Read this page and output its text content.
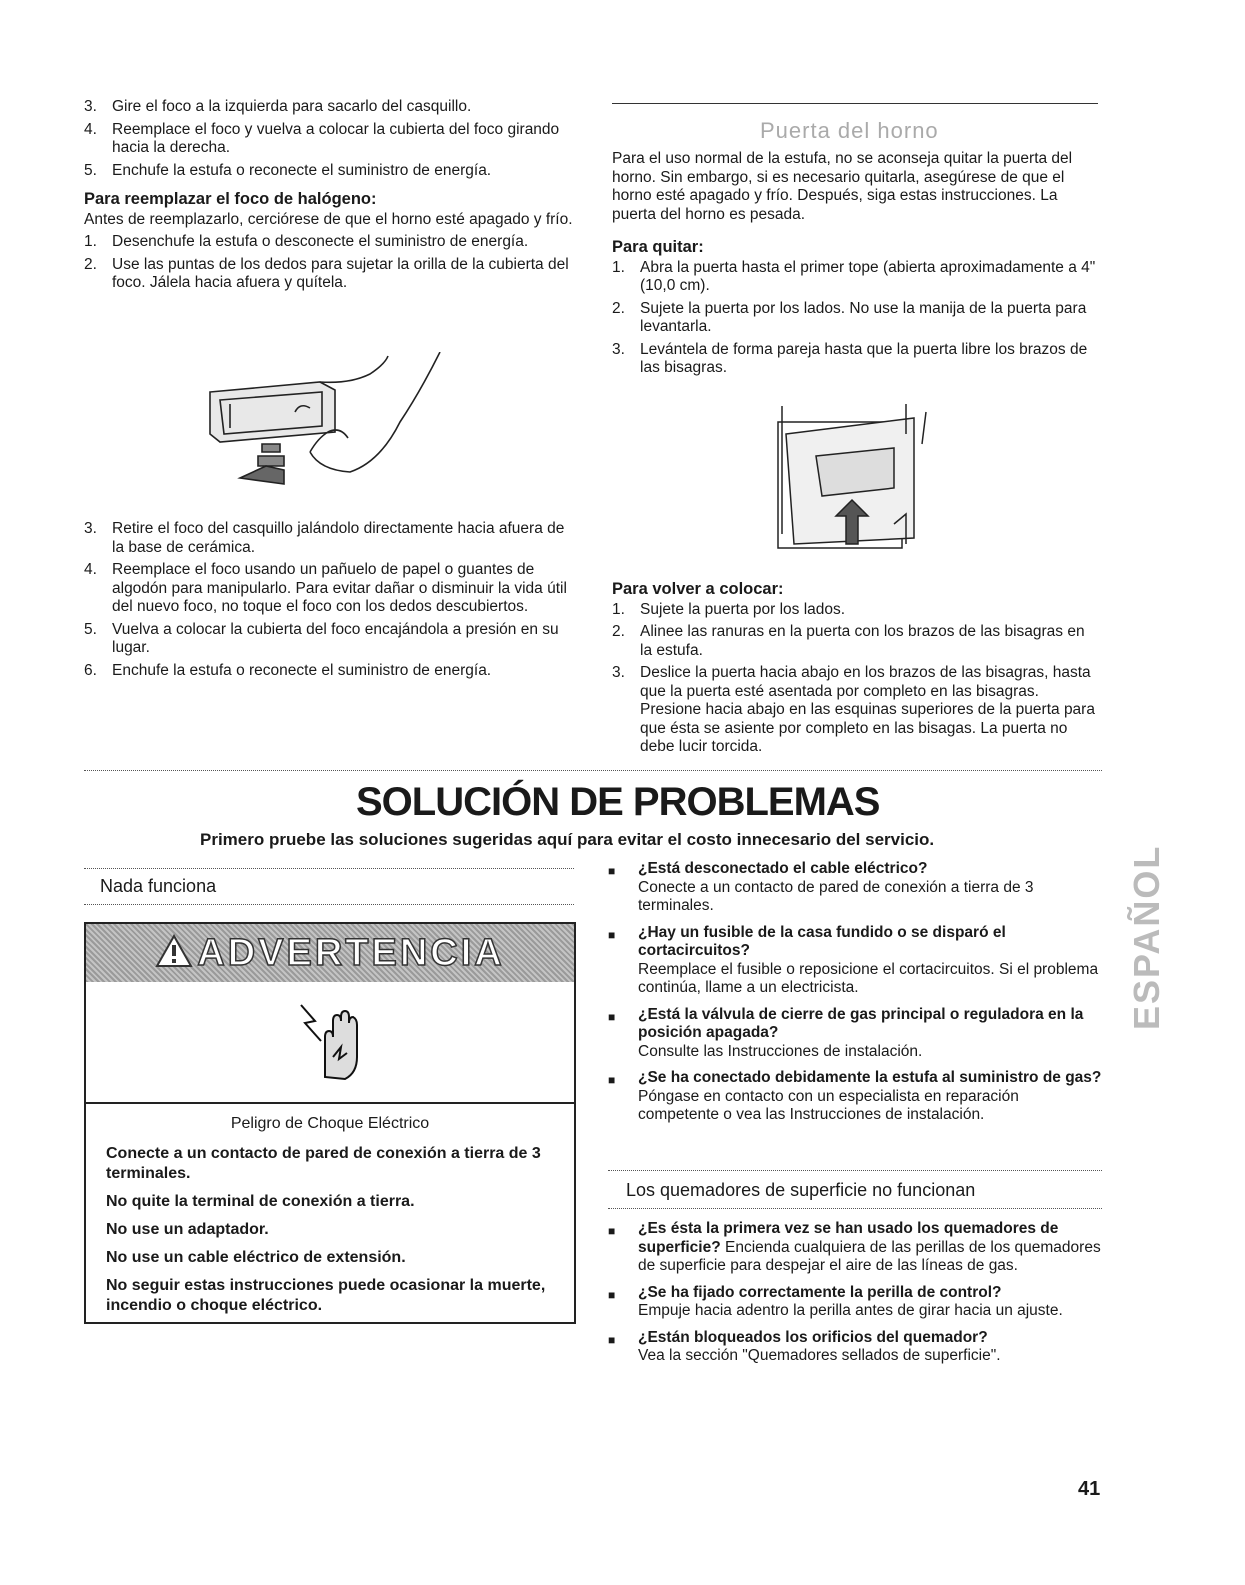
3. Gire el foco a la izquierda para sacarlo del casquillo.
4. Reemplace el foco y vuelva a colocar la cubierta del foco girando hacia la derecha.
5. Enchufe la estufa o reconecte el suministro de energía.
Para reemplazar el foco de halógeno:
Antes de reemplazarlo, cerciórese de que el horno esté apagado y frío.
1. Desenchufe la estufa o desconecte el suministro de energía.
2. Use las puntas de los dedos para sujetar la orilla de la cubierta del foco. Jálela hacia afuera y quítela.
3. Retire el foco del casquillo jalándolo directamente hacia afuera de la base de cerámica.
4. Reemplace el foco usando un pañuelo de papel o guantes de algodón para manipularlo. Para evitar dañar o disminuir la vida útil del nuevo foco, no toque el foco con los dedos descubiertos.
5. Vuelva a colocar la cubierta del foco encajándola a presión en su lugar.
6. Enchufe la estufa o reconecte el suministro de energía.
Puerta del horno
Para el uso normal de la estufa, no se aconseja quitar la puerta del horno. Sin embargo, si es necesario quitarla, asegúrese de que el horno esté apagado y frío. Después, siga estas instrucciones. La puerta del horno es pesada.
Para quitar:
1. Abra la puerta hasta el primer tope (abierta aproximadamente a 4" (10,0 cm).
2. Sujete la puerta por los lados. No use la manija de la puerta para levantarla.
3. Levántela de forma pareja hasta que la puerta libre los brazos de las bisagras.
Para volver a colocar:
1. Sujete la puerta por los lados.
2. Alinee las ranuras en la puerta con los brazos de las bisagras en la estufa.
3. Deslice la puerta hacia abajo en los brazos de las bisagras, hasta que la puerta esté asentada por completo en las bisagras. Presione hacia abajo en las esquinas superiores de la puerta para que ésta se asiente por completo en las bisagas. La puerta no debe lucir torcida.
SOLUCIÓN DE PROBLEMAS
Primero pruebe las soluciones sugeridas aquí para evitar el costo innecesario del servicio.
Nada funciona
ADVERTENCIA
Peligro de Choque Eléctrico
Conecte a un contacto de pared de conexión a tierra de 3 terminales.
No quite la terminal de conexión a tierra.
No use un adaptador.
No use un cable eléctrico de extensión.
No seguir estas instrucciones puede ocasionar la muerte, incendio o choque eléctrico.
■	¿Está desconectado el cable eléctrico?
Conecte a un contacto de pared de conexión a tierra de 3 terminales.
■	¿Hay un fusible de la casa fundido o se disparó el cortacircuitos?
Reemplace el fusible o reposicione el cortacircuitos. Si el problema continúa, llame a un electricista.
■	¿Está la válvula de cierre de gas principal o reguladora en la posición apagada?
Consulte las Instrucciones de instalación.
■	¿Se ha conectado debidamente la estufa al suministro de gas?
Póngase en contacto con un especialista en reparación competente o vea las Instrucciones de instalación.
Los quemadores de superficie no funcionan
■	¿Es ésta la primera vez se han usado los quemadores de superficie? Encienda cualquiera de las perillas de los quemadores de superficie para despejar el aire de las líneas de gas.
■	¿Se ha fijado correctamente la perilla de control?
Empuje hacia adentro la perilla antes de girar hacia un ajuste.
■	¿Están bloqueados los orificios del quemador?
Vea la sección "Quemadores sellados de superficie".
ESPAÑOL
41
